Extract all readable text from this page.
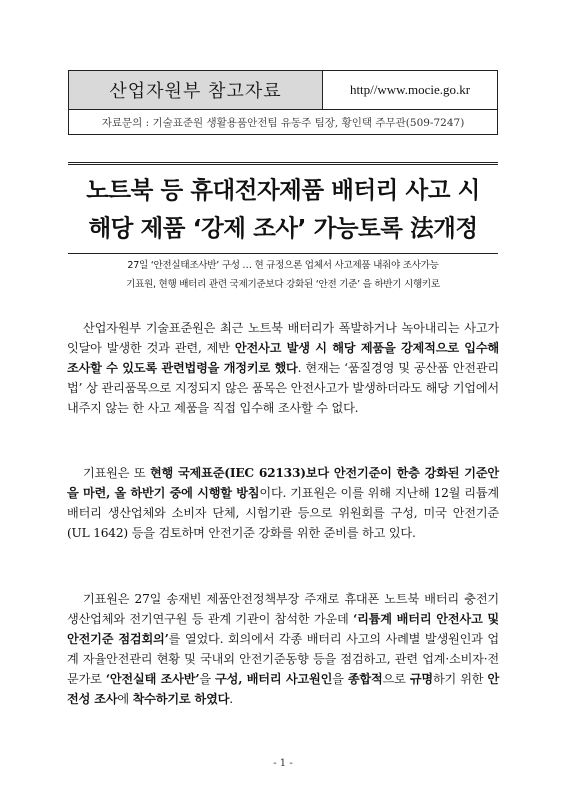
산업자원부 참고자료	http//www.mocie.go.kr
자료문의 : 기술표준원 생활용품안전팀 유동주 팀장, 황인택 주무관(509-7247)
노트북 등 휴대전자제품 배터리 사고 시
해당 제품 ‘강제 조사’ 가능토록 法개정
27일 ‘안전실태조사반’ 구성 … 현 규정으론 업체서 사고제품 내줘야 조사가능
기표원, 현행 배터리 관련 국제기준보다 강화된 ‘안전 기준’ 을 하반기 시행키로

산업자원부 기술표준원은 최근 노트북 배터리가 폭발하거나 녹아내리는 사고가 잇달아 발생한 것과 관련, 제반 안전사고 발생 시 해당 제품을 강제적으로 입수해 조사할 수 있도록 관련법령을 개정키로 했다. 현재는 ‘품질경영 및 공산품 안전관리법’ 상 관리품목으로 지정되지 않은 품목은 안전사고가 발생하더라도 해당 기업에서 내주지 않는 한 사고 제품을 직접 입수해 조사할 수 없다.

기표원은 또 현행 국제표준(IEC 62133)보다 안전기준이 한층 강화된 기준안을 마련, 올 하반기 중에 시행할 방침이다. 기표원은 이를 위해 지난해 12월 리튬계 배터리 생산업체와 소비자 단체, 시험기관 등으로 위원회를 구성, 미국 안전기준(UL 1642) 등을 검토하며 안전기준 강화를 위한 준비를 하고 있다.

기표원은 27일 송재빈 제품안전정책부장 주재로 휴대폰 노트북 배터리 충전기 생산업체와 전기연구원 등 관계 기관이 참석한 가운데 ‘리튬계 배터리 안전사고 및 안전기준 점검회의’를 열었다. 회의에서 각종 배터리 사고의 사례별 발생원인과 업계 자율안전관리 현황 및 국내외 안전기준동향 등을 점검하고, 관련 업계·소비자·전문가로 ‘안전실태 조사반’을 구성, 배터리 사고원인을 종합적으로 규명하기 위한 안전성 조사에 착수하기로 하였다.

- 1 -
